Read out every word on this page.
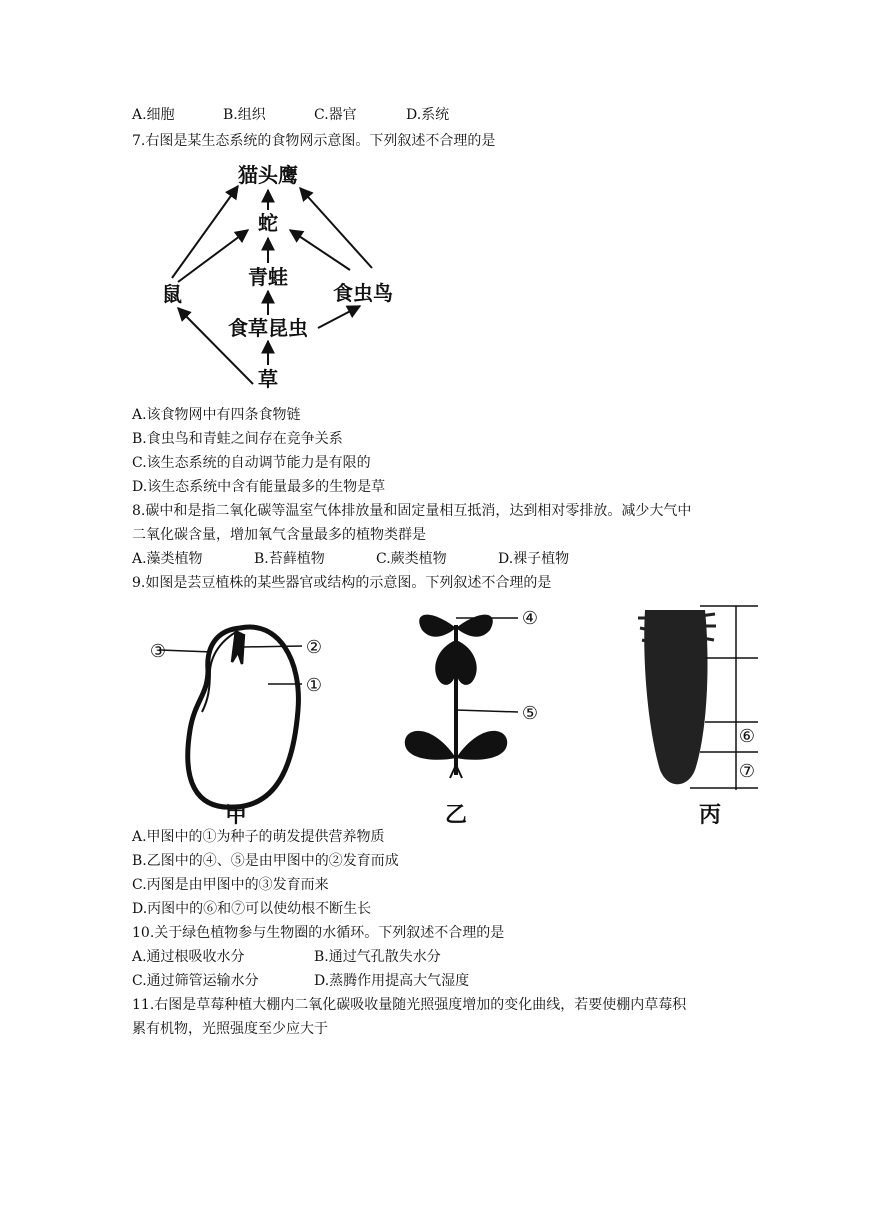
A.细胞	B.组织	C.器官	D.系统
7.右图是某生态系统的食物网示意图。下列叙述不合理的是
猫头鹰
蛇
青蛙
鼠	食虫鸟
食草昆虫
草
A.该食物网中有四条食物链
B.食虫鸟和青蛙之间存在竞争关系
C.该生态系统的自动调节能力是有限的
D.该生态系统中含有能量最多的生物是草
8.碳中和是指二氧化碳等温室气体排放量和固定量相互抵消，达到相对零排放。减少大气中
二氧化碳含量，增加氧气含量最多的植物类群是
A.藻类植物	B.苔藓植物	C.蕨类植物	D.裸子植物
9.如图是芸豆植株的某些器官或结构的示意图。下列叙述不合理的是
③	②
①
④
⑤
⑥
⑦
甲	乙	丙
A.甲图中的①为种子的萌发提供营养物质
B.乙图中的④、⑤是由甲图中的②发育而成
C.丙图是由甲图中的③发育而来
D.丙图中的⑥和⑦可以使幼根不断生长
10.关于绿色植物参与生物圈的水循环。下列叙述不合理的是
A.通过根吸收水分	B.通过气孔散失水分
C.通过筛管运输水分	D.蒸腾作用提高大气湿度
11.右图是草莓种植大棚内二氧化碳吸收量随光照强度增加的变化曲线，若要使棚内草莓积
累有机物，光照强度至少应大于
